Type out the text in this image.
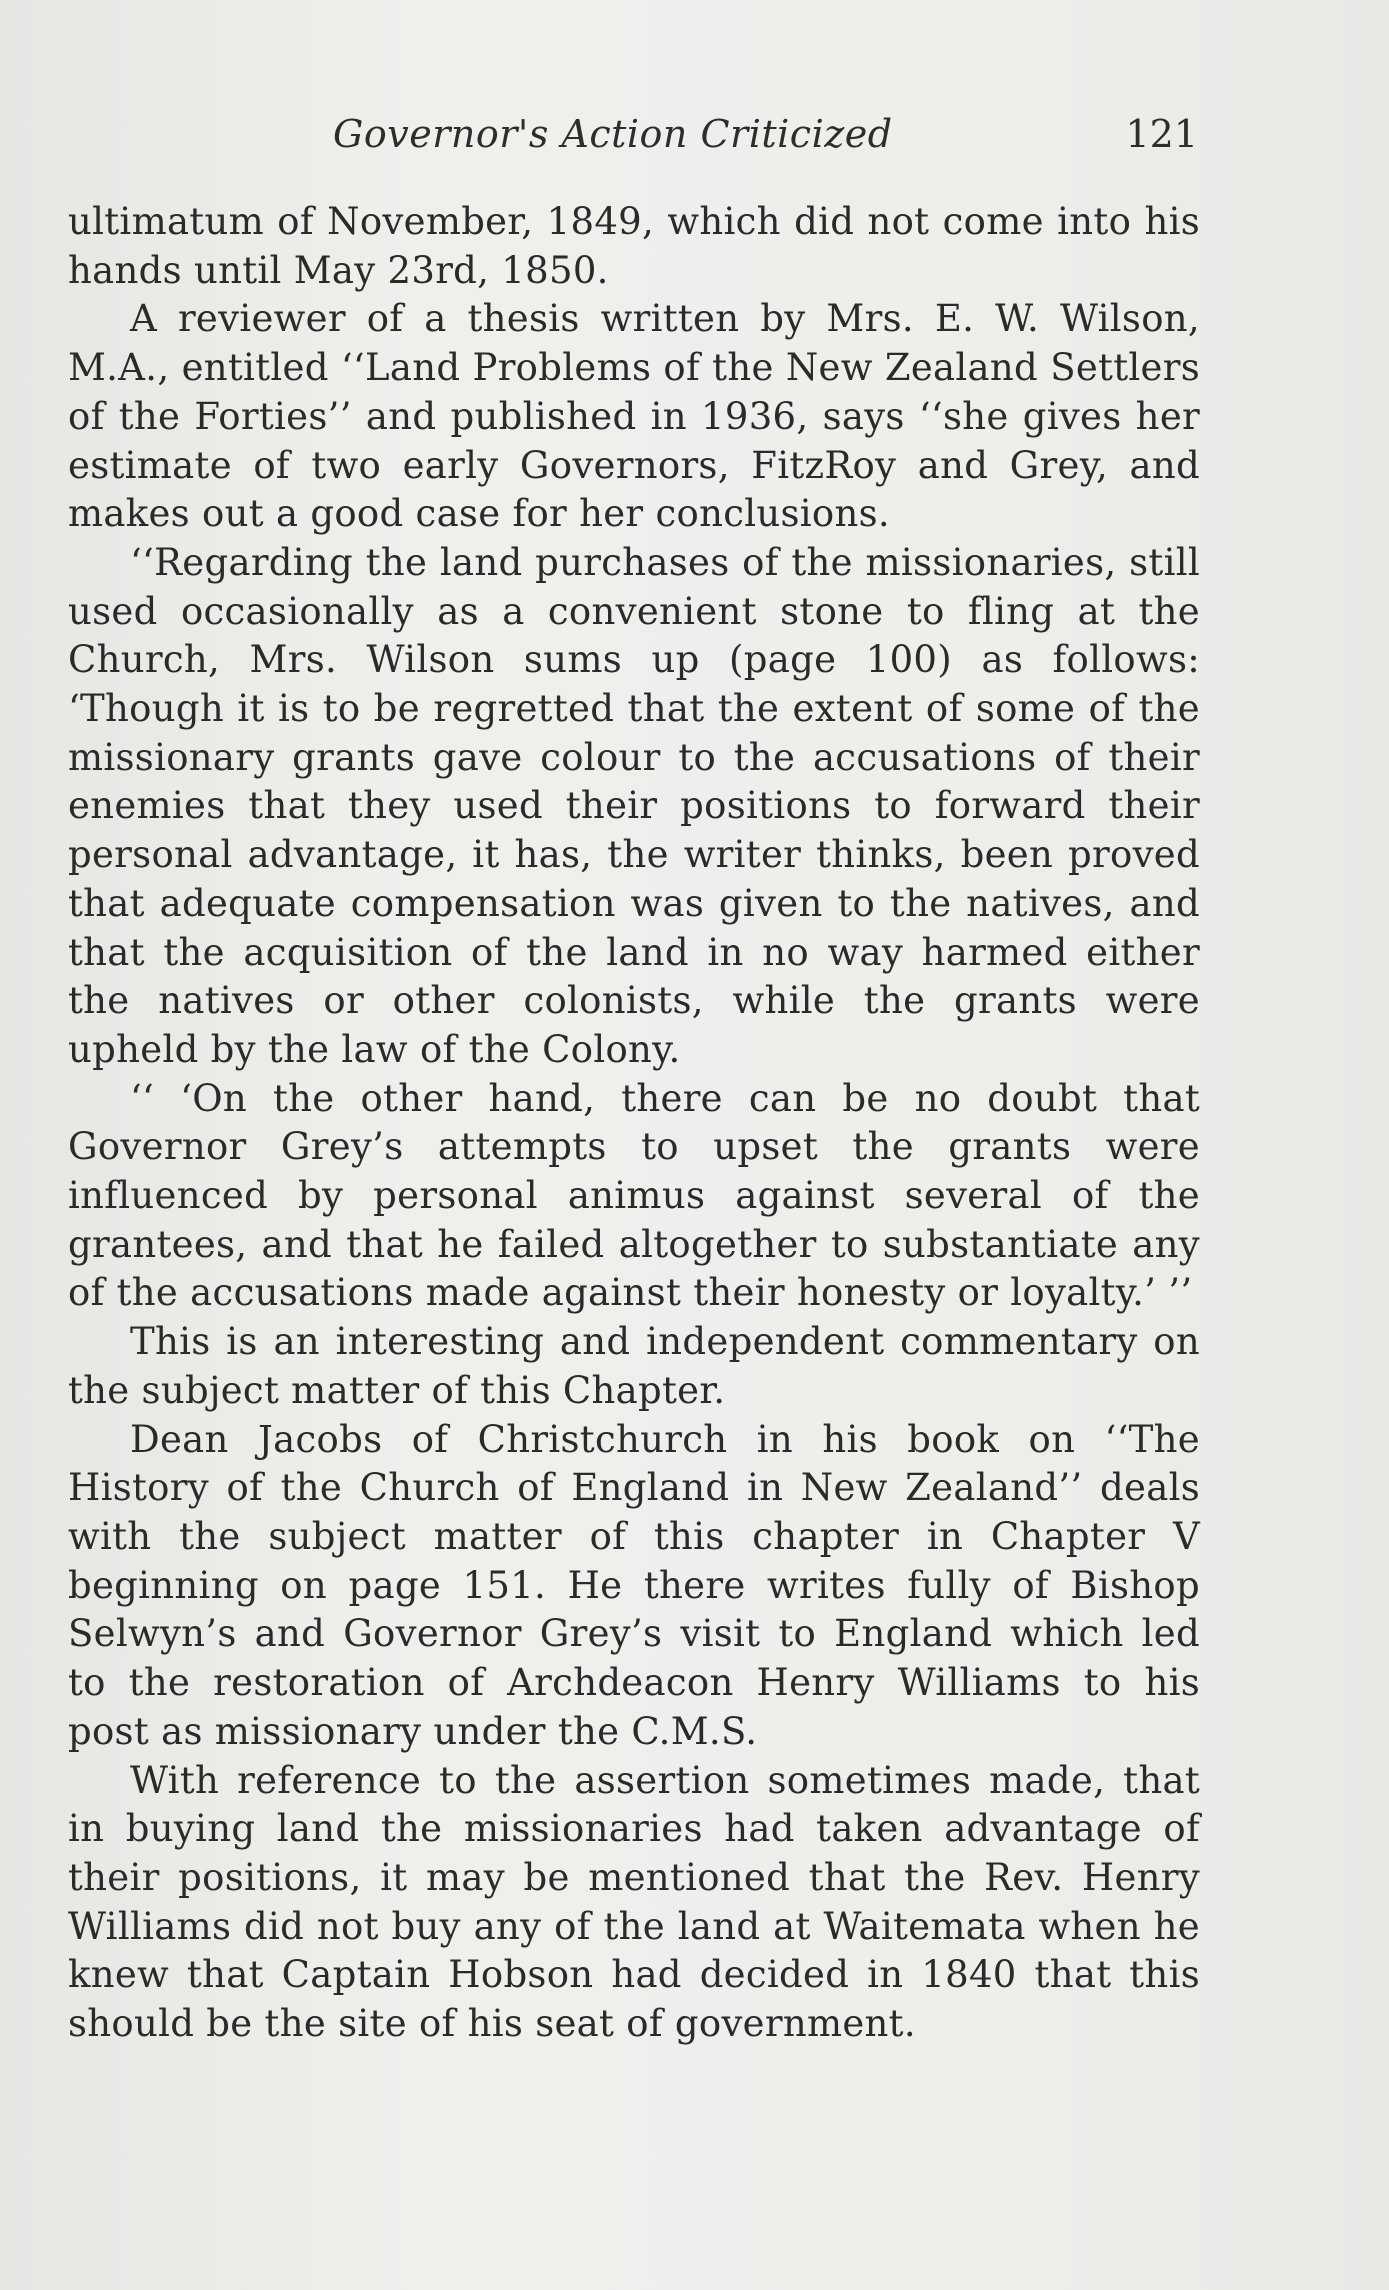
Governor's Action Criticized	121

ultimatum of November, 1849, which did not come into his hands until May 23rd, 1850.

A reviewer of a thesis written by Mrs. E. W. Wilson, M.A., entitled ‘‘Land Problems of the New Zealand Settlers of the Forties’’ and published in 1936, says ‘‘she gives her estimate of two early Governors, FitzRoy and Grey, and makes out a good case for her conclusions.

‘‘Regarding the land purchases of the missionaries, still used occasionally as a convenient stone to fling at the Church, Mrs. Wilson sums up (page 100) as follows: ‘Though it is to be regretted that the extent of some of the missionary grants gave colour to the accusations of their enemies that they used their positions to forward their personal advantage, it has, the writer thinks, been proved that adequate compensation was given to the natives, and that the acquisition of the land in no way harmed either the natives or other colonists, while the grants were upheld by the law of the Colony.

‘‘ ‘On the other hand, there can be no doubt that Governor Grey’s attempts to upset the grants were influenced by personal animus against several of the grantees, and that he failed altogether to substantiate any of the accusations made against their honesty or loyalty.’ ’’

This is an interesting and independent commentary on the subject matter of this Chapter.

Dean Jacobs of Christchurch in his book on ‘‘The History of the Church of England in New Zealand’’ deals with the subject matter of this chapter in Chapter V beginning on page 151. He there writes fully of Bishop Selwyn’s and Governor Grey’s visit to England which led to the restoration of Archdeacon Henry Williams to his post as missionary under the C.M.S.

With reference to the assertion sometimes made, that in buying land the missionaries had taken advantage of their positions, it may be mentioned that the Rev. Henry Williams did not buy any of the land at Waitemata when he knew that Captain Hobson had decided in 1840 that this should be the site of his seat of government.
